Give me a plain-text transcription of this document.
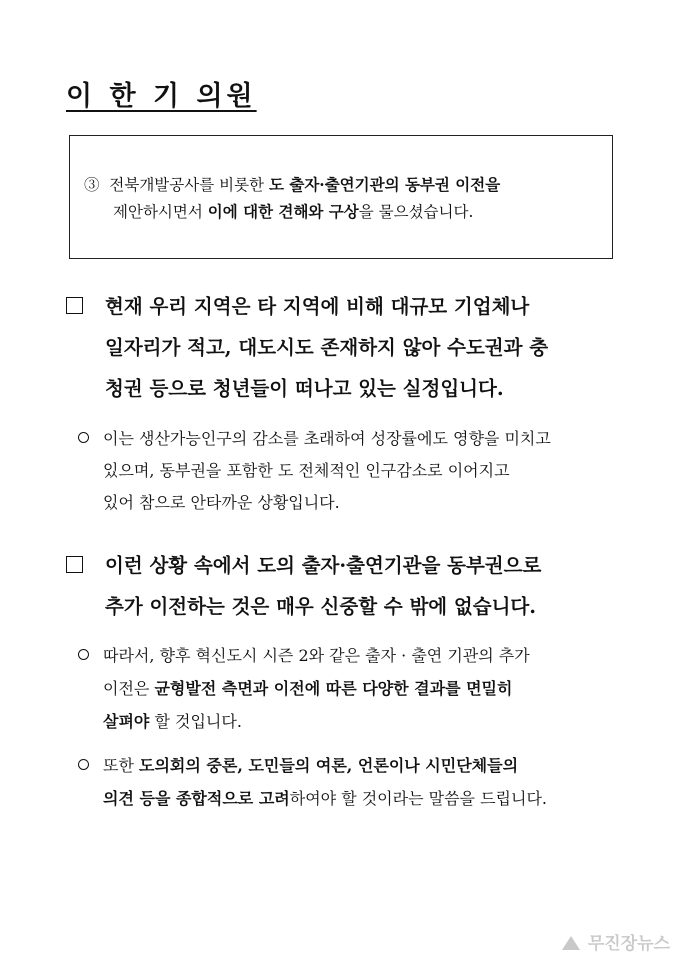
이 한 기 의원
③ 전북개발공사를 비롯한 도 출자·출연기관의 동부권 이전을
제안하시면서 이에 대한 견해와 구상을 물으셨습니다.
현재 우리 지역은 타 지역에 비해 대규모 기업체나
일자리가 적고, 대도시도 존재하지 않아 수도권과 충
청권 등으로 청년들이 떠나고 있는 실정입니다.
이는 생산가능인구의 감소를 초래하여 성장률에도 영향을 미치고
있으며, 동부권을 포함한 도 전체적인 인구감소로 이어지고
있어 참으로 안타까운 상황입니다.
이런 상황 속에서 도의 출자·출연기관을 동부권으로
추가 이전하는 것은 매우 신중할 수 밖에 없습니다.
따라서, 향후 혁신도시 시즌 2와 같은 출자 · 출연 기관의 추가
이전은 균형발전 측면과 이전에 따른 다양한 결과를 면밀히
살펴야 할 것입니다.
또한 도의회의 중론, 도민들의 여론, 언론이나 시민단체들의
의견 등을 종합적으로 고려하여야 할 것이라는 말씀을 드립니다.
무진장뉴스
